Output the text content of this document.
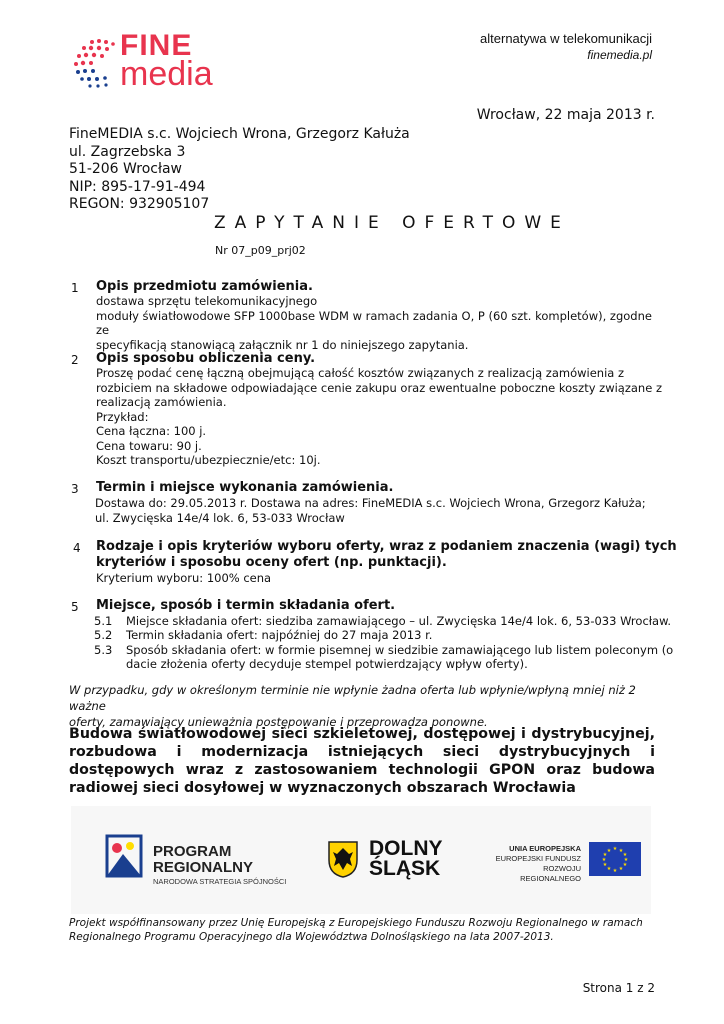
FINE
media
alternatywa w telekomunikacji
finemedia.pl
Wrocław, 22 maja 2013 r.
FineMEDIA s.c. Wojciech Wrona, Grzegorz Kałuża
ul. Zagrzebska 3
51-206 Wrocław
NIP: 895-17-91-494
REGON: 932905107
ZAPYTANIE OFERTOWE
Nr 07_p09_prj02
1 Opis przedmiotu zamówienia.
dostawa sprzętu telekomunikacyjnego
moduły światłowodowe SFP 1000base WDM w ramach zadania O, P (60 szt. kompletów), zgodne ze
specyfikacją stanowiącą załącznik nr 1 do niniejszego zapytania.
2 Opis sposobu obliczenia ceny.
Proszę podać cenę łączną obejmującą całość kosztów związanych z realizacją zamówienia z
rozbiciem na składowe odpowiadające cenie zakupu oraz ewentualne poboczne koszty związane z
realizacją zamówienia.
Przykład:
Cena łączna: 100 j.
Cena towaru: 90 j.
Koszt transportu/ubezpiecznie/etc: 10j.
3 Termin i miejsce wykonania zamówienia.
Dostawa do: 29.05.2013 r. Dostawa na adres: FineMEDIA s.c. Wojciech Wrona, Grzegorz Kałuża;
ul. Zwycięska 14e/4 lok. 6, 53-033 Wrocław
4 Rodzaje i opis kryteriów wyboru oferty, wraz z podaniem znaczenia (wagi) tych
kryteriów i sposobu oceny ofert (np. punktacji).
Kryterium wyboru: 100% cena
5 Miejsce, sposób i termin składania ofert.
5.1 Miejsce składania ofert: siedziba zamawiającego – ul. Zwycięska 14e/4 lok. 6, 53-033 Wrocław.
5.2 Termin składania ofert: najpóźniej do 27 maja 2013 r.
5.3 Sposób składania ofert: w formie pisemnej w siedzibie zamawiającego lub listem poleconym (o
dacie złożenia oferty decyduje stempel potwierdzający wpływ oferty).
W przypadku, gdy w określonym terminie nie wpłynie żadna oferta lub wpłynie/wpłyną mniej niż 2 ważne
oferty, zamawiający unieważnia postępowanie i przeprowadza ponowne.
Budowa światłowodowej sieci szkieletowej, dostępowej i dystrybucyjnej, rozbudowa i modernizacja istniejących sieci dystrybucyjnych i dostępowych wraz z zastosowaniem technologii GPON oraz budowa radiowej sieci dosyłowej w wyznaczonych obszarach Wrocławia
PROGRAM
REGIONALNY
NARODOWA STRATEGIA SPÓJNOŚCI
DOLNY
ŚLĄSK
UNIA EUROPEJSKA
EUROPEJSKI FUNDUSZ
ROZWOJU REGIONALNEGO
★ ★
★
★
★
★
★
★
★
★
★
★
Projekt współfinansowany przez Unię Europejską z Europejskiego Funduszu Rozwoju Regionalnego w ramach
Regionalnego Programu Operacyjnego dla Województwa Dolnośląskiego na lata 2007-2013.
Strona 1 z 2
